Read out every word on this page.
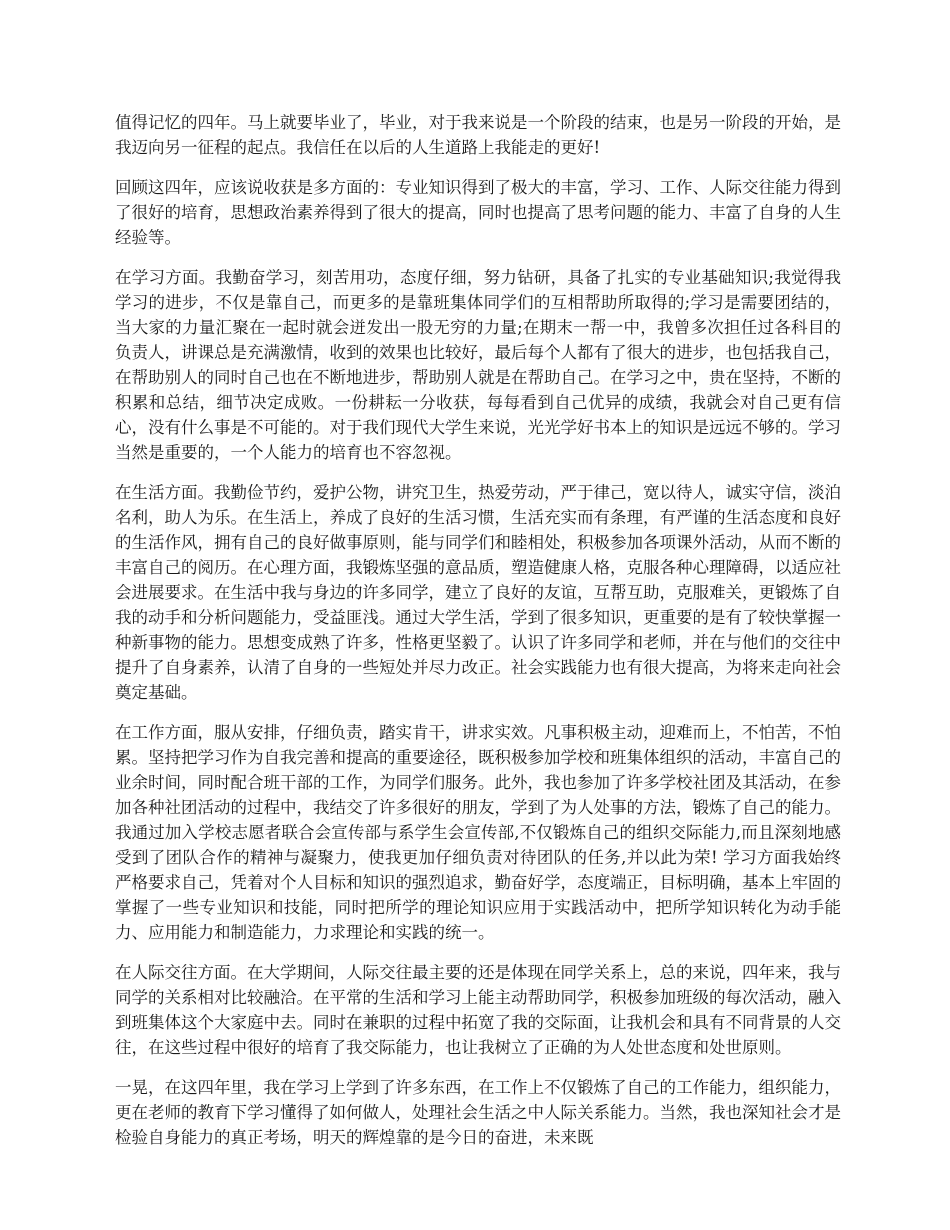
值得记忆的四年。马上就要毕业了，毕业，对于我来说是一个阶段的结束，也是另一阶段的开始，是我迈向另一征程的起点。我信任在以后的人生道路上我能走的更好!

回顾这四年，应该说收获是多方面的：专业知识得到了极大的丰富，学习、工作、人际交往能力得到了很好的培育，思想政治素养得到了很大的提高，同时也提高了思考问题的能力、丰富了自身的人生经验等。

在学习方面。我勤奋学习，刻苦用功，态度仔细，努力钻研，具备了扎实的专业基础知识;我觉得我学习的进步，不仅是靠自己，而更多的是靠班集体同学们的互相帮助所取得的;学习是需要团结的，当大家的力量汇聚在一起时就会迸发出一股无穷的力量;在期末一帮一中，我曾多次担任过各科目的负责人，讲课总是充满激情，收到的效果也比较好，最后每个人都有了很大的进步，也包括我自己，在帮助别人的同时自己也在不断地进步，帮助别人就是在帮助自己。在学习之中，贵在坚持，不断的积累和总结，细节决定成败。一份耕耘一分收获，每每看到自己优异的成绩，我就会对自己更有信心，没有什么事是不可能的。对于我们现代大学生来说，光光学好书本上的知识是远远不够的。学习当然是重要的，一个人能力的培育也不容忽视。

在生活方面。我勤俭节约，爱护公物，讲究卫生，热爱劳动，严于律己，宽以待人，诚实守信，淡泊名利，助人为乐。在生活上，养成了良好的生活习惯，生活充实而有条理，有严谨的生活态度和良好的生活作风，拥有自己的良好做事原则，能与同学们和睦相处，积极参加各项课外活动，从而不断的丰富自己的阅历。在心理方面，我锻炼坚强的意品质，塑造健康人格，克服各种心理障碍，以适应社会进展要求。在生活中我与身边的许多同学，建立了良好的友谊，互帮互助，克服难关，更锻炼了自我的动手和分析问题能力，受益匪浅。通过大学生活，学到了很多知识，更重要的是有了较快掌握一种新事物的能力。思想变成熟了许多，性格更坚毅了。认识了许多同学和老师，并在与他们的交往中提升了自身素养，认清了自身的一些短处并尽力改正。社会实践能力也有很大提高，为将来走向社会奠定基础。

在工作方面，服从安排，仔细负责，踏实肯干，讲求实效。凡事积极主动，迎难而上，不怕苦，不怕累。坚持把学习作为自我完善和提高的重要途径，既积极参加学校和班集体组织的活动，丰富自己的业余时间，同时配合班干部的工作，为同学们服务。此外，我也参加了许多学校社团及其活动，在参加各种社团活动的过程中，我结交了许多很好的朋友，学到了为人处事的方法，锻炼了自己的能力。我通过加入学校志愿者联合会宣传部与系学生会宣传部,不仅锻炼自己的组织交际能力,而且深刻地感受到了团队合作的精神与凝聚力，使我更加仔细负责对待团队的任务,并以此为荣! 学习方面我始终严格要求自己，凭着对个人目标和知识的强烈追求，勤奋好学，态度端正，目标明确，基本上牢固的掌握了一些专业知识和技能，同时把所学的理论知识应用于实践活动中，把所学知识转化为动手能力、应用能力和制造能力，力求理论和实践的统一。

在人际交往方面。在大学期间，人际交往最主要的还是体现在同学关系上，总的来说，四年来，我与同学的关系相对比较融洽。在平常的生活和学习上能主动帮助同学，积极参加班级的每次活动，融入到班集体这个大家庭中去。同时在兼职的过程中拓宽了我的交际面，让我机会和具有不同背景的人交往，在这些过程中很好的培育了我交际能力，也让我树立了正确的为人处世态度和处世原则。

一晃，在这四年里，我在学习上学到了许多东西，在工作上不仅锻炼了自己的工作能力，组织能力，更在老师的教育下学习懂得了如何做人，处理社会生活之中人际关系能力。当然，我也深知社会才是检验自身能力的真正考场，明天的辉煌靠的是今日的奋进，未来既
